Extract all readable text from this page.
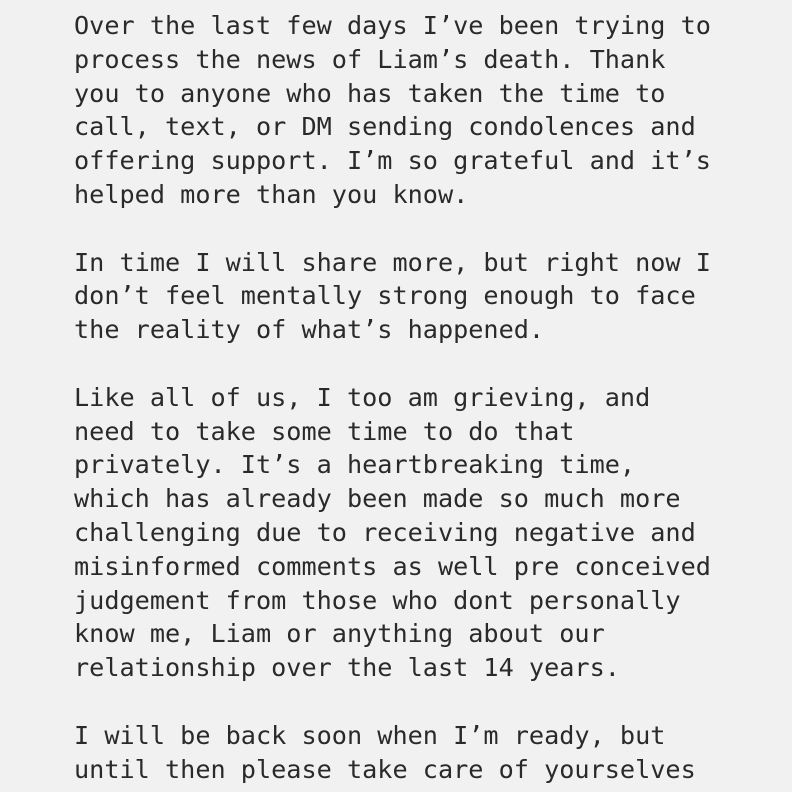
Over the last few days I’ve been trying to
process the news of Liam’s death. Thank
you to anyone who has taken the time to
call, text, or DM sending condolences and
offering support. I’m so grateful and it’s
helped more than you know.

In time I will share more, but right now I
don’t feel mentally strong enough to face
the reality of what’s happened.

Like all of us, I too am grieving, and
need to take some time to do that
privately. It’s a heartbreaking time,
which has already been made so much more
challenging due to receiving negative and
misinformed comments as well pre conceived
judgement from those who dont personally
know me, Liam or anything about our
relationship over the last 14 years.

I will be back soon when I’m ready, but
until then please take care of yourselves
